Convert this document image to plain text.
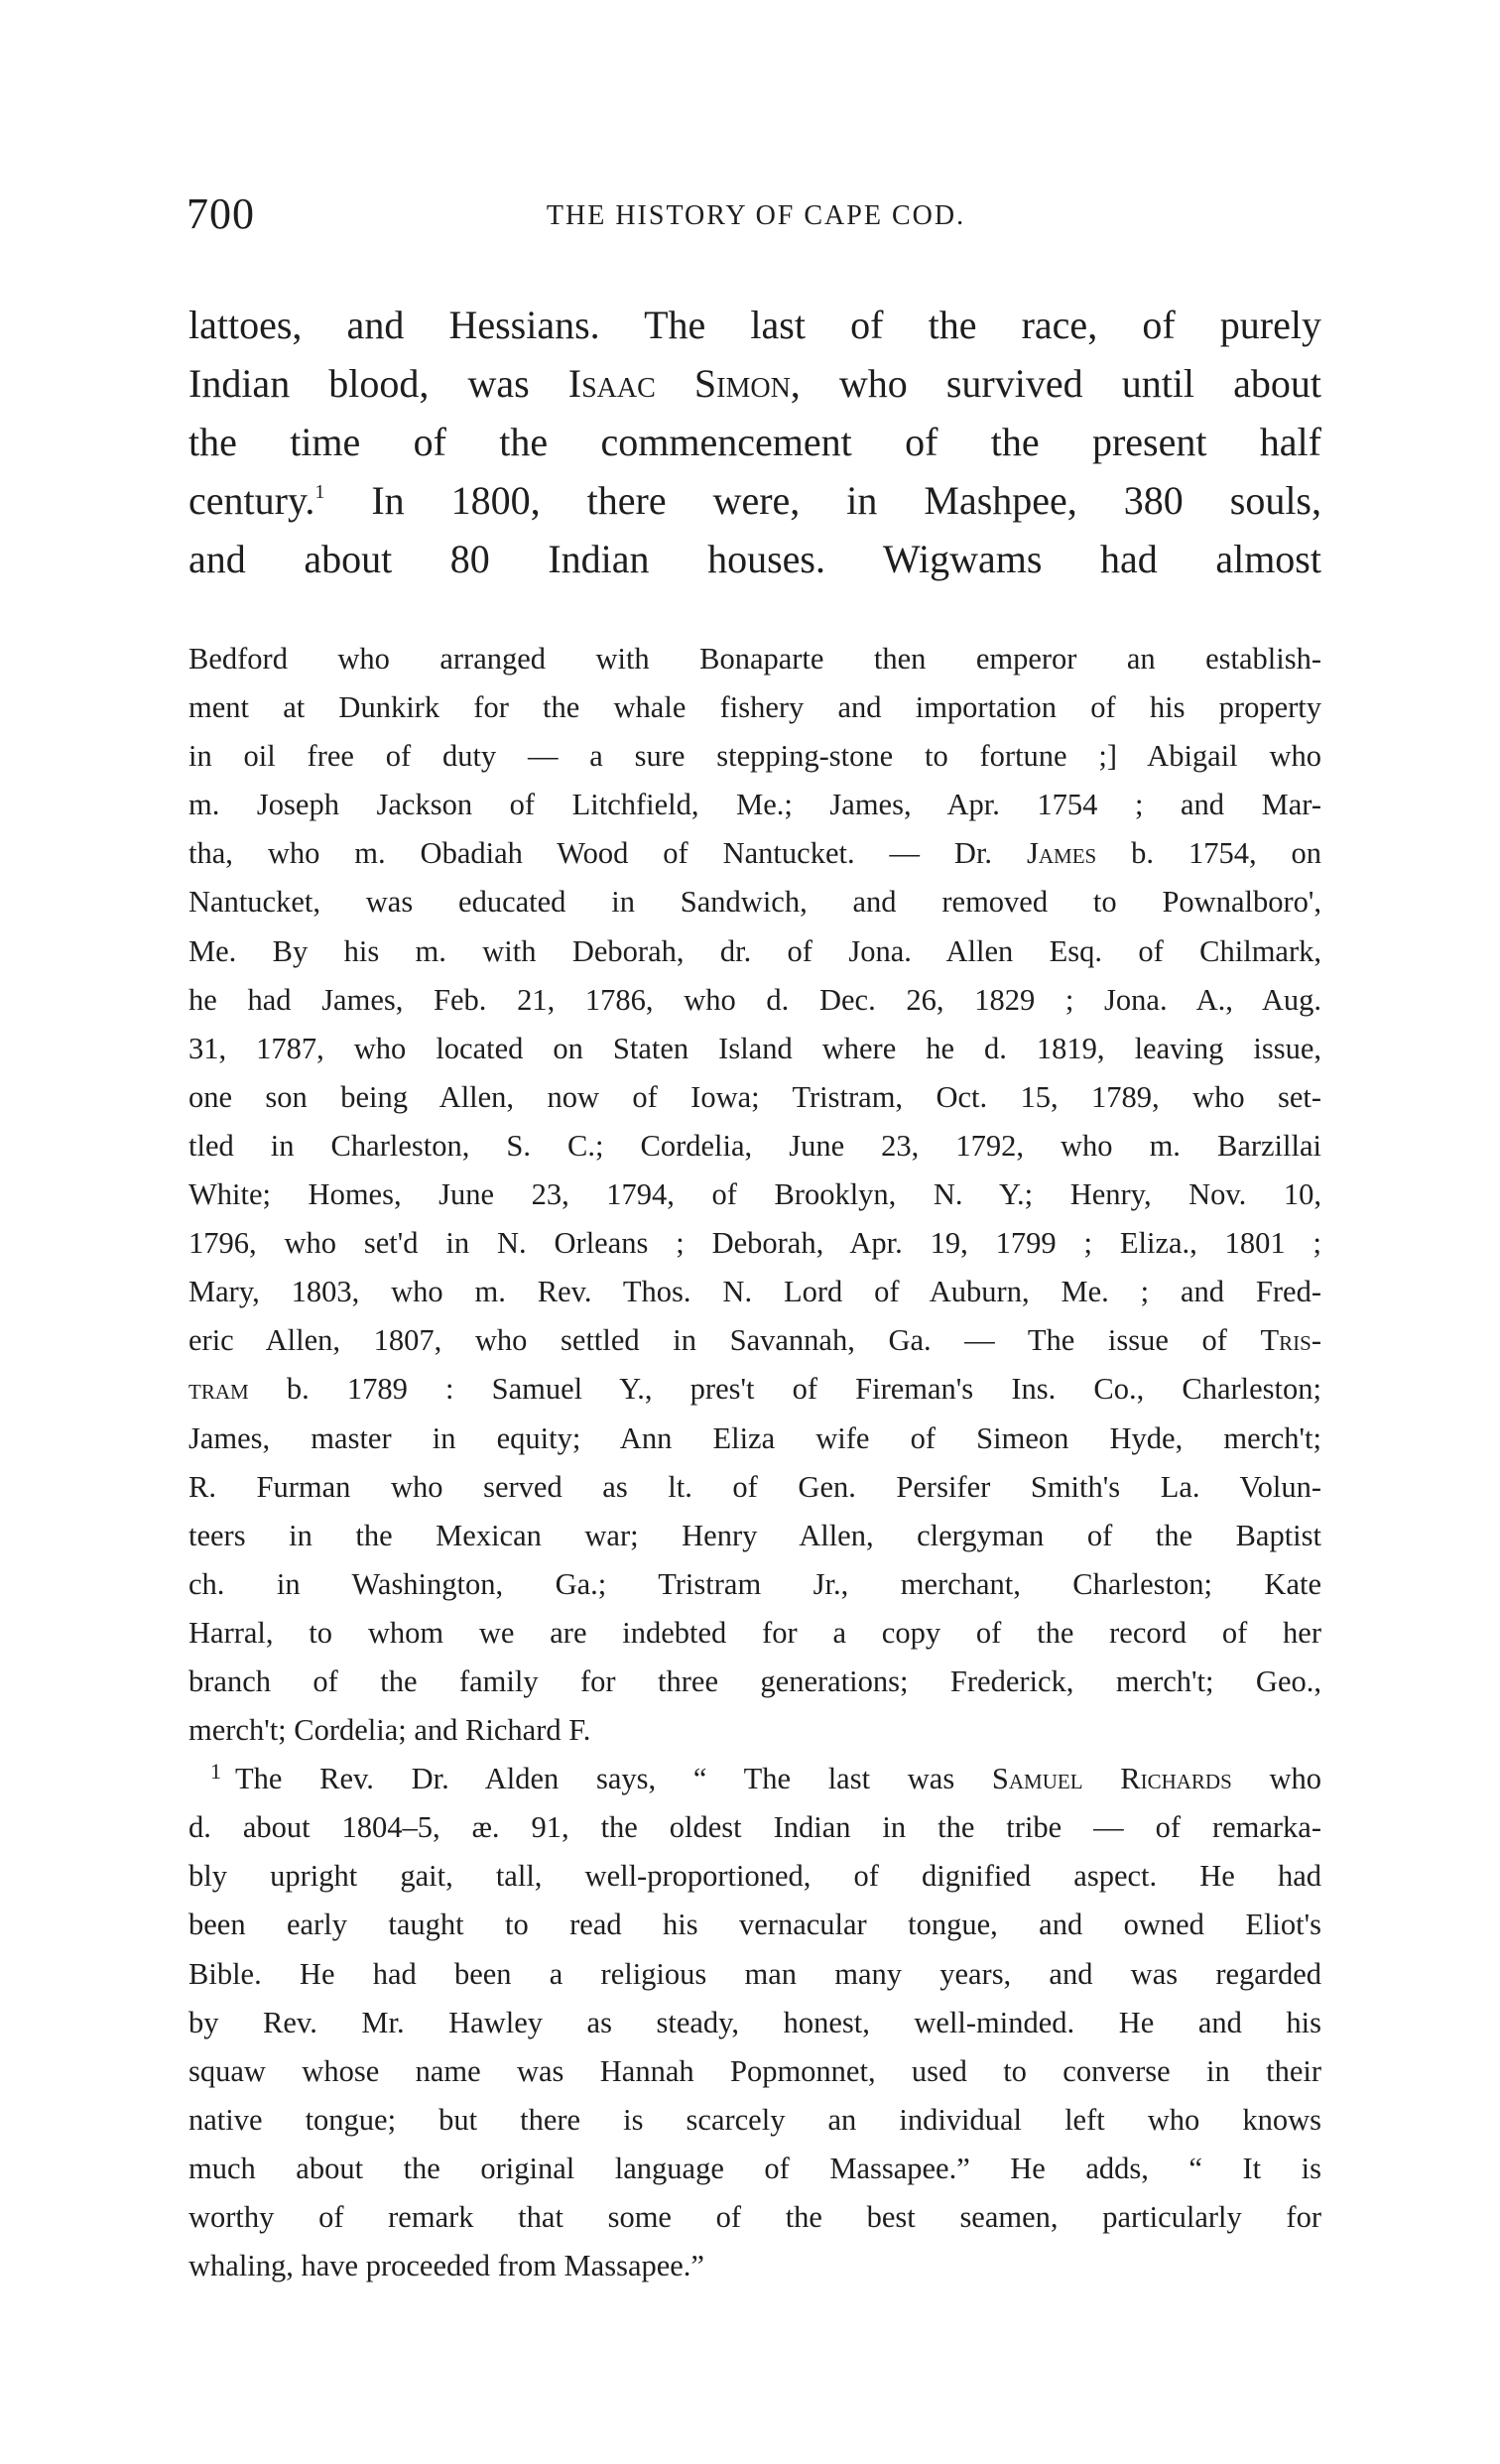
700	THE HISTORY OF CAPE COD.
lattoes, and Hessians. The last of the race, of purely
Indian blood, was Isaac Simon, who survived until about
the time of the commencement of the present half
century.$^1$ In 1800, there were, in Mashpee, 380 souls,
and about 80 Indian houses. Wigwams had almost
Bedford who arranged with Bonaparte then emperor an establish-
ment at Dunkirk for the whale fishery and importation of his property
in oil free of duty — a sure stepping-stone to fortune ;] Abigail who
m. Joseph Jackson of Litchfield, Me.; James, Apr. 1754 ; and Mar-
tha, who m. Obadiah Wood of Nantucket. — Dr. James b. 1754, on
Nantucket, was educated in Sandwich, and removed to Pownalboro',
Me. By his m. with Deborah, dr. of Jona. Allen Esq. of Chilmark,
he had James, Feb. 21, 1786, who d. Dec. 26, 1829 ; Jona. A., Aug.
31, 1787, who located on Staten Island where he d. 1819, leaving issue,
one son being Allen, now of Iowa; Tristram, Oct. 15, 1789, who set-
tled in Charleston, S. C.; Cordelia, June 23, 1792, who m. Barzillai
White; Homes, June 23, 1794, of Brooklyn, N. Y.; Henry, Nov. 10,
1796, who set'd in N. Orleans ; Deborah, Apr. 19, 1799 ; Eliza., 1801 ;
Mary, 1803, who m. Rev. Thos. N. Lord of Auburn, Me. ; and Fred-
eric Allen, 1807, who settled in Savannah, Ga. — The issue of Tris-
tram b. 1789 : Samuel Y., pres't of Fireman's Ins. Co., Charleston;
James, master in equity; Ann Eliza wife of Simeon Hyde, merch't;
R. Furman who served as lt. of Gen. Persifer Smith's La. Volun-
teers in the Mexican war; Henry Allen, clergyman of the Baptist
ch. in Washington, Ga.; Tristram Jr., merchant, Charleston; Kate
Harral, to whom we are indebted for a copy of the record of her
branch of the family for three generations; Frederick, merch't; Geo.,
merch't; Cordelia; and Richard F.
$^1$ The Rev. Dr. Alden says, “ The last was Samuel Richards who
d. about 1804–5, æ. 91, the oldest Indian in the tribe — of remarka-
bly upright gait, tall, well-proportioned, of dignified aspect. He had
been early taught to read his vernacular tongue, and owned Eliot's
Bible. He had been a religious man many years, and was regarded
by Rev. Mr. Hawley as steady, honest, well-minded. He and his
squaw whose name was Hannah Popmonnet, used to converse in their
native tongue; but there is scarcely an individual left who knows
much about the original language of Massapee.” He adds, “ It is
worthy of remark that some of the best seamen, particularly for
whaling, have proceeded from Massapee.”
